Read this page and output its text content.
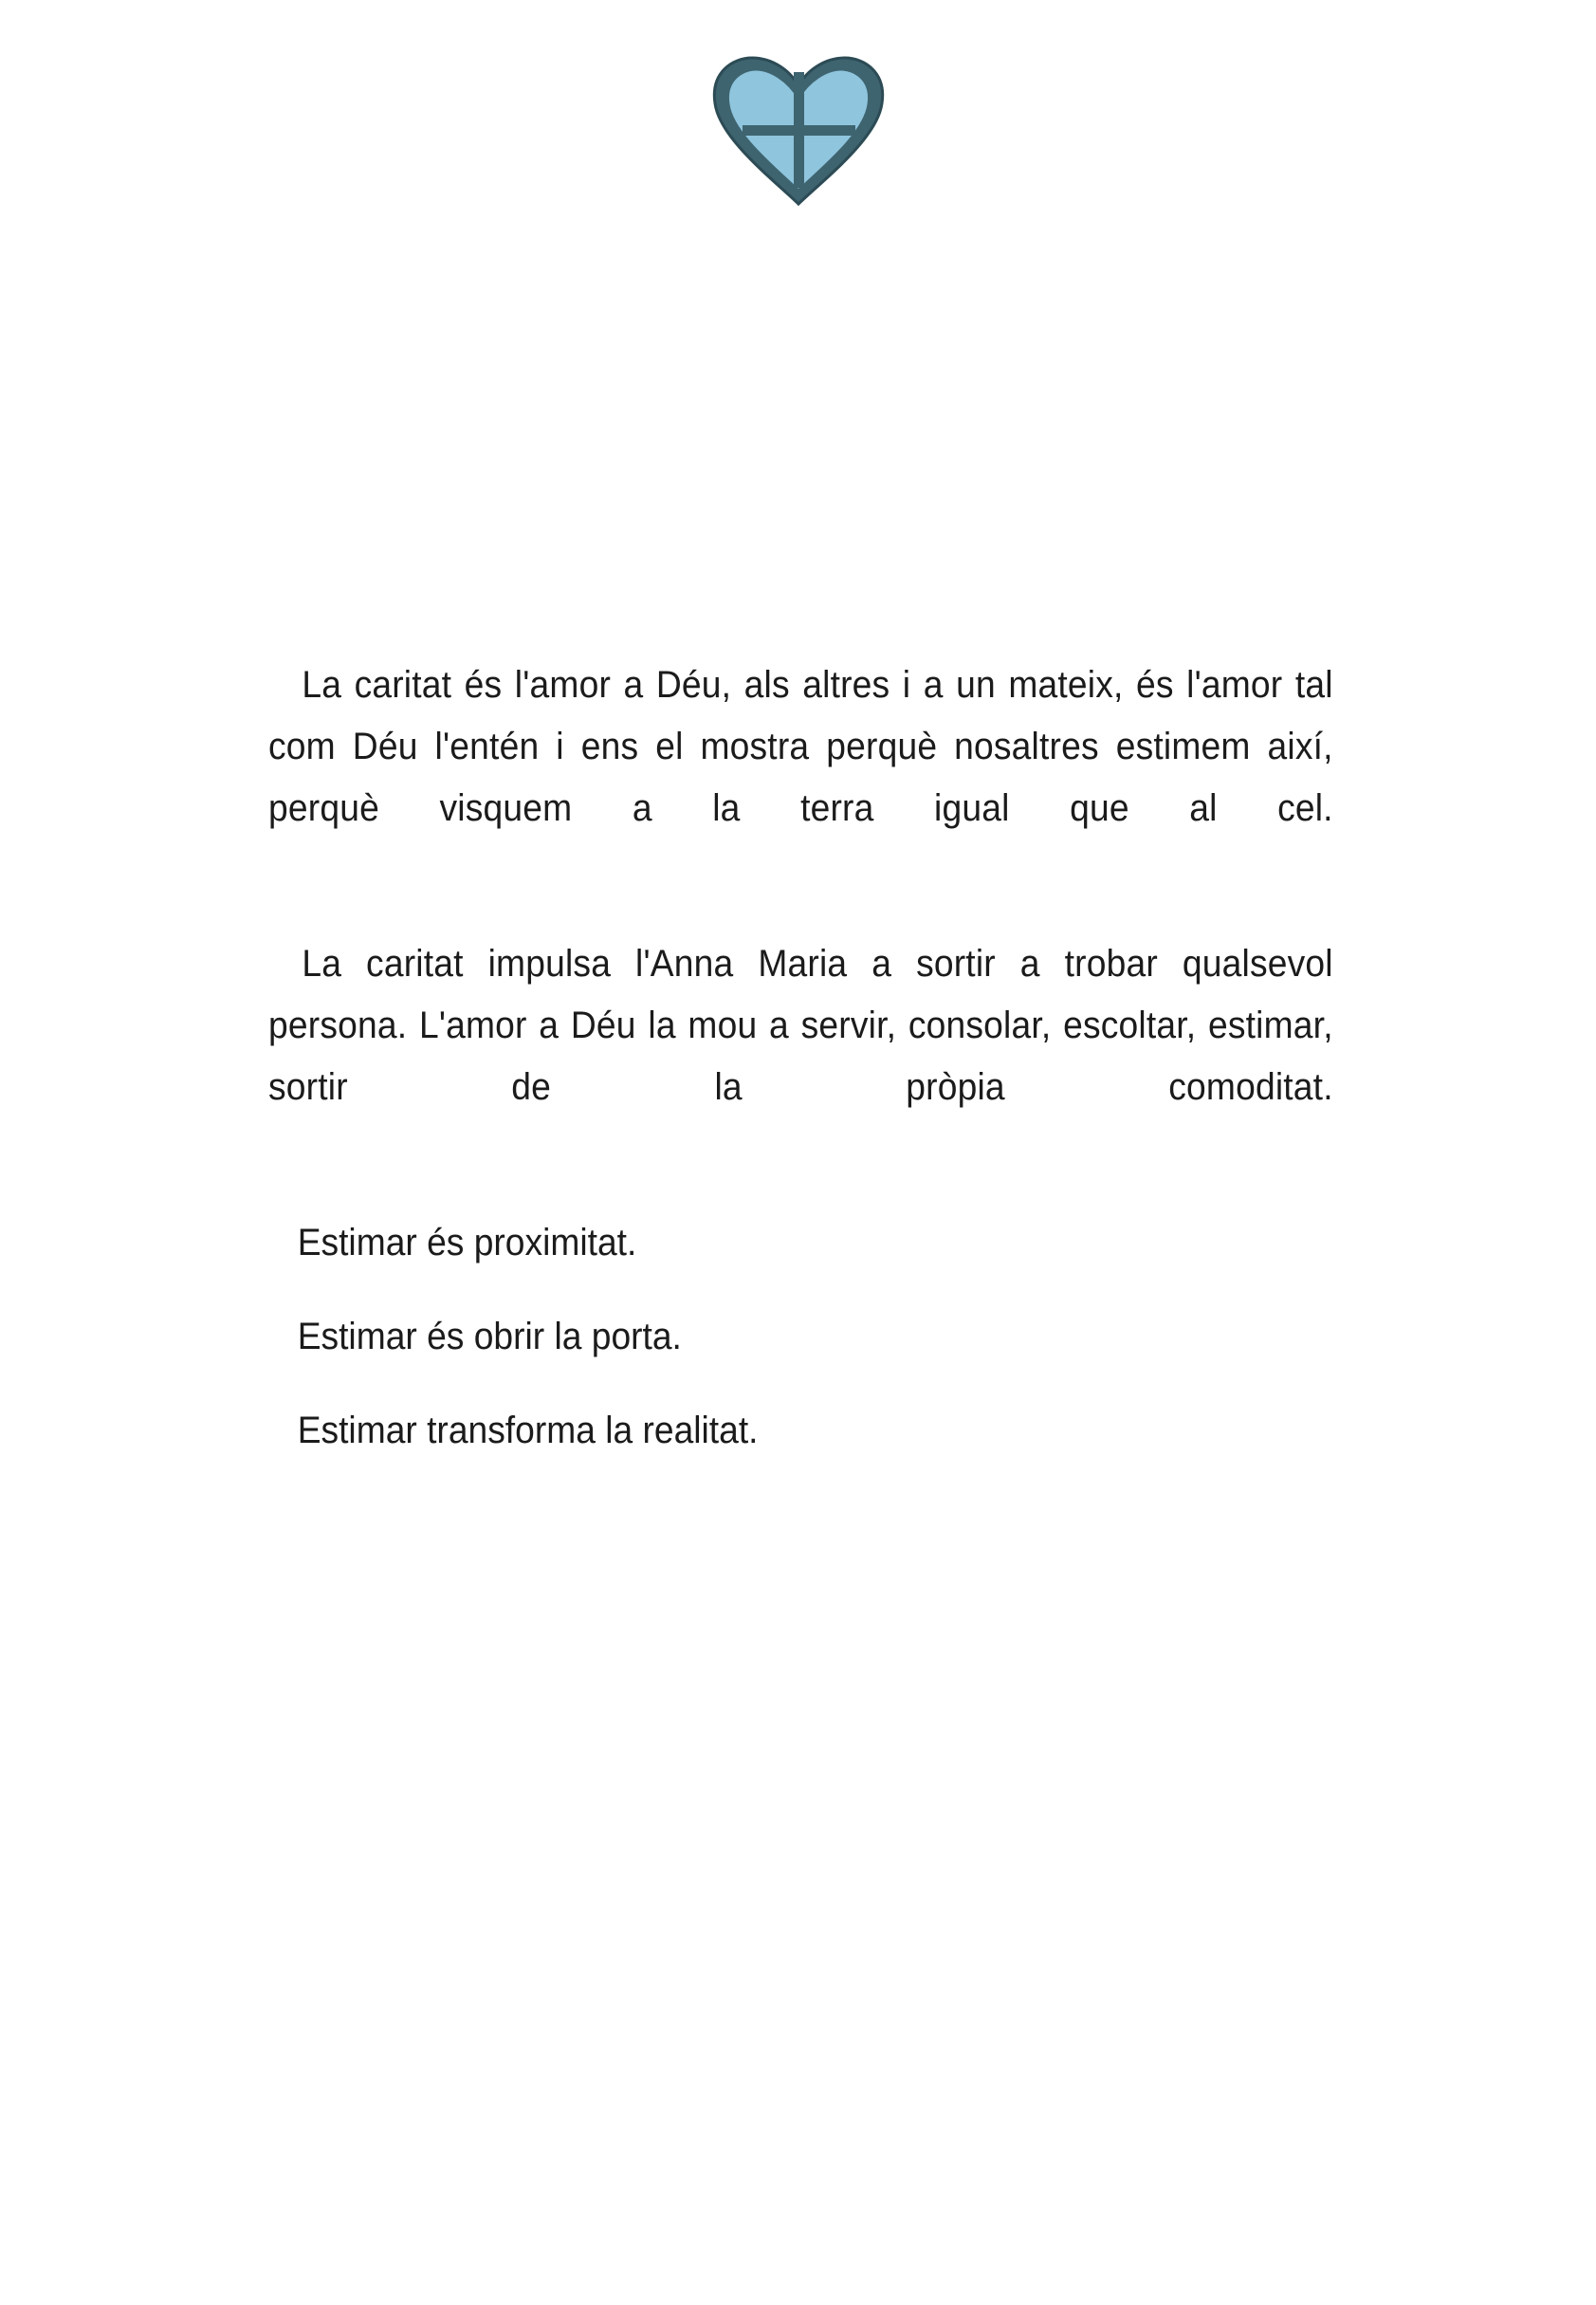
La caritat és l'amor a Déu, als altres i a un mateix, és l'amor tal com Déu l'entén i ens el mostra perquè nosaltres estimem així, perquè visquem a la terra igual que al cel.

La caritat impulsa l'Anna Maria a sortir a trobar qualsevol persona. L'amor a Déu la mou a servir, consolar, escoltar, estimar, sortir de la pròpia comoditat.

Estimar és proximitat.

Estimar és obrir la porta.

Estimar transforma la realitat.
